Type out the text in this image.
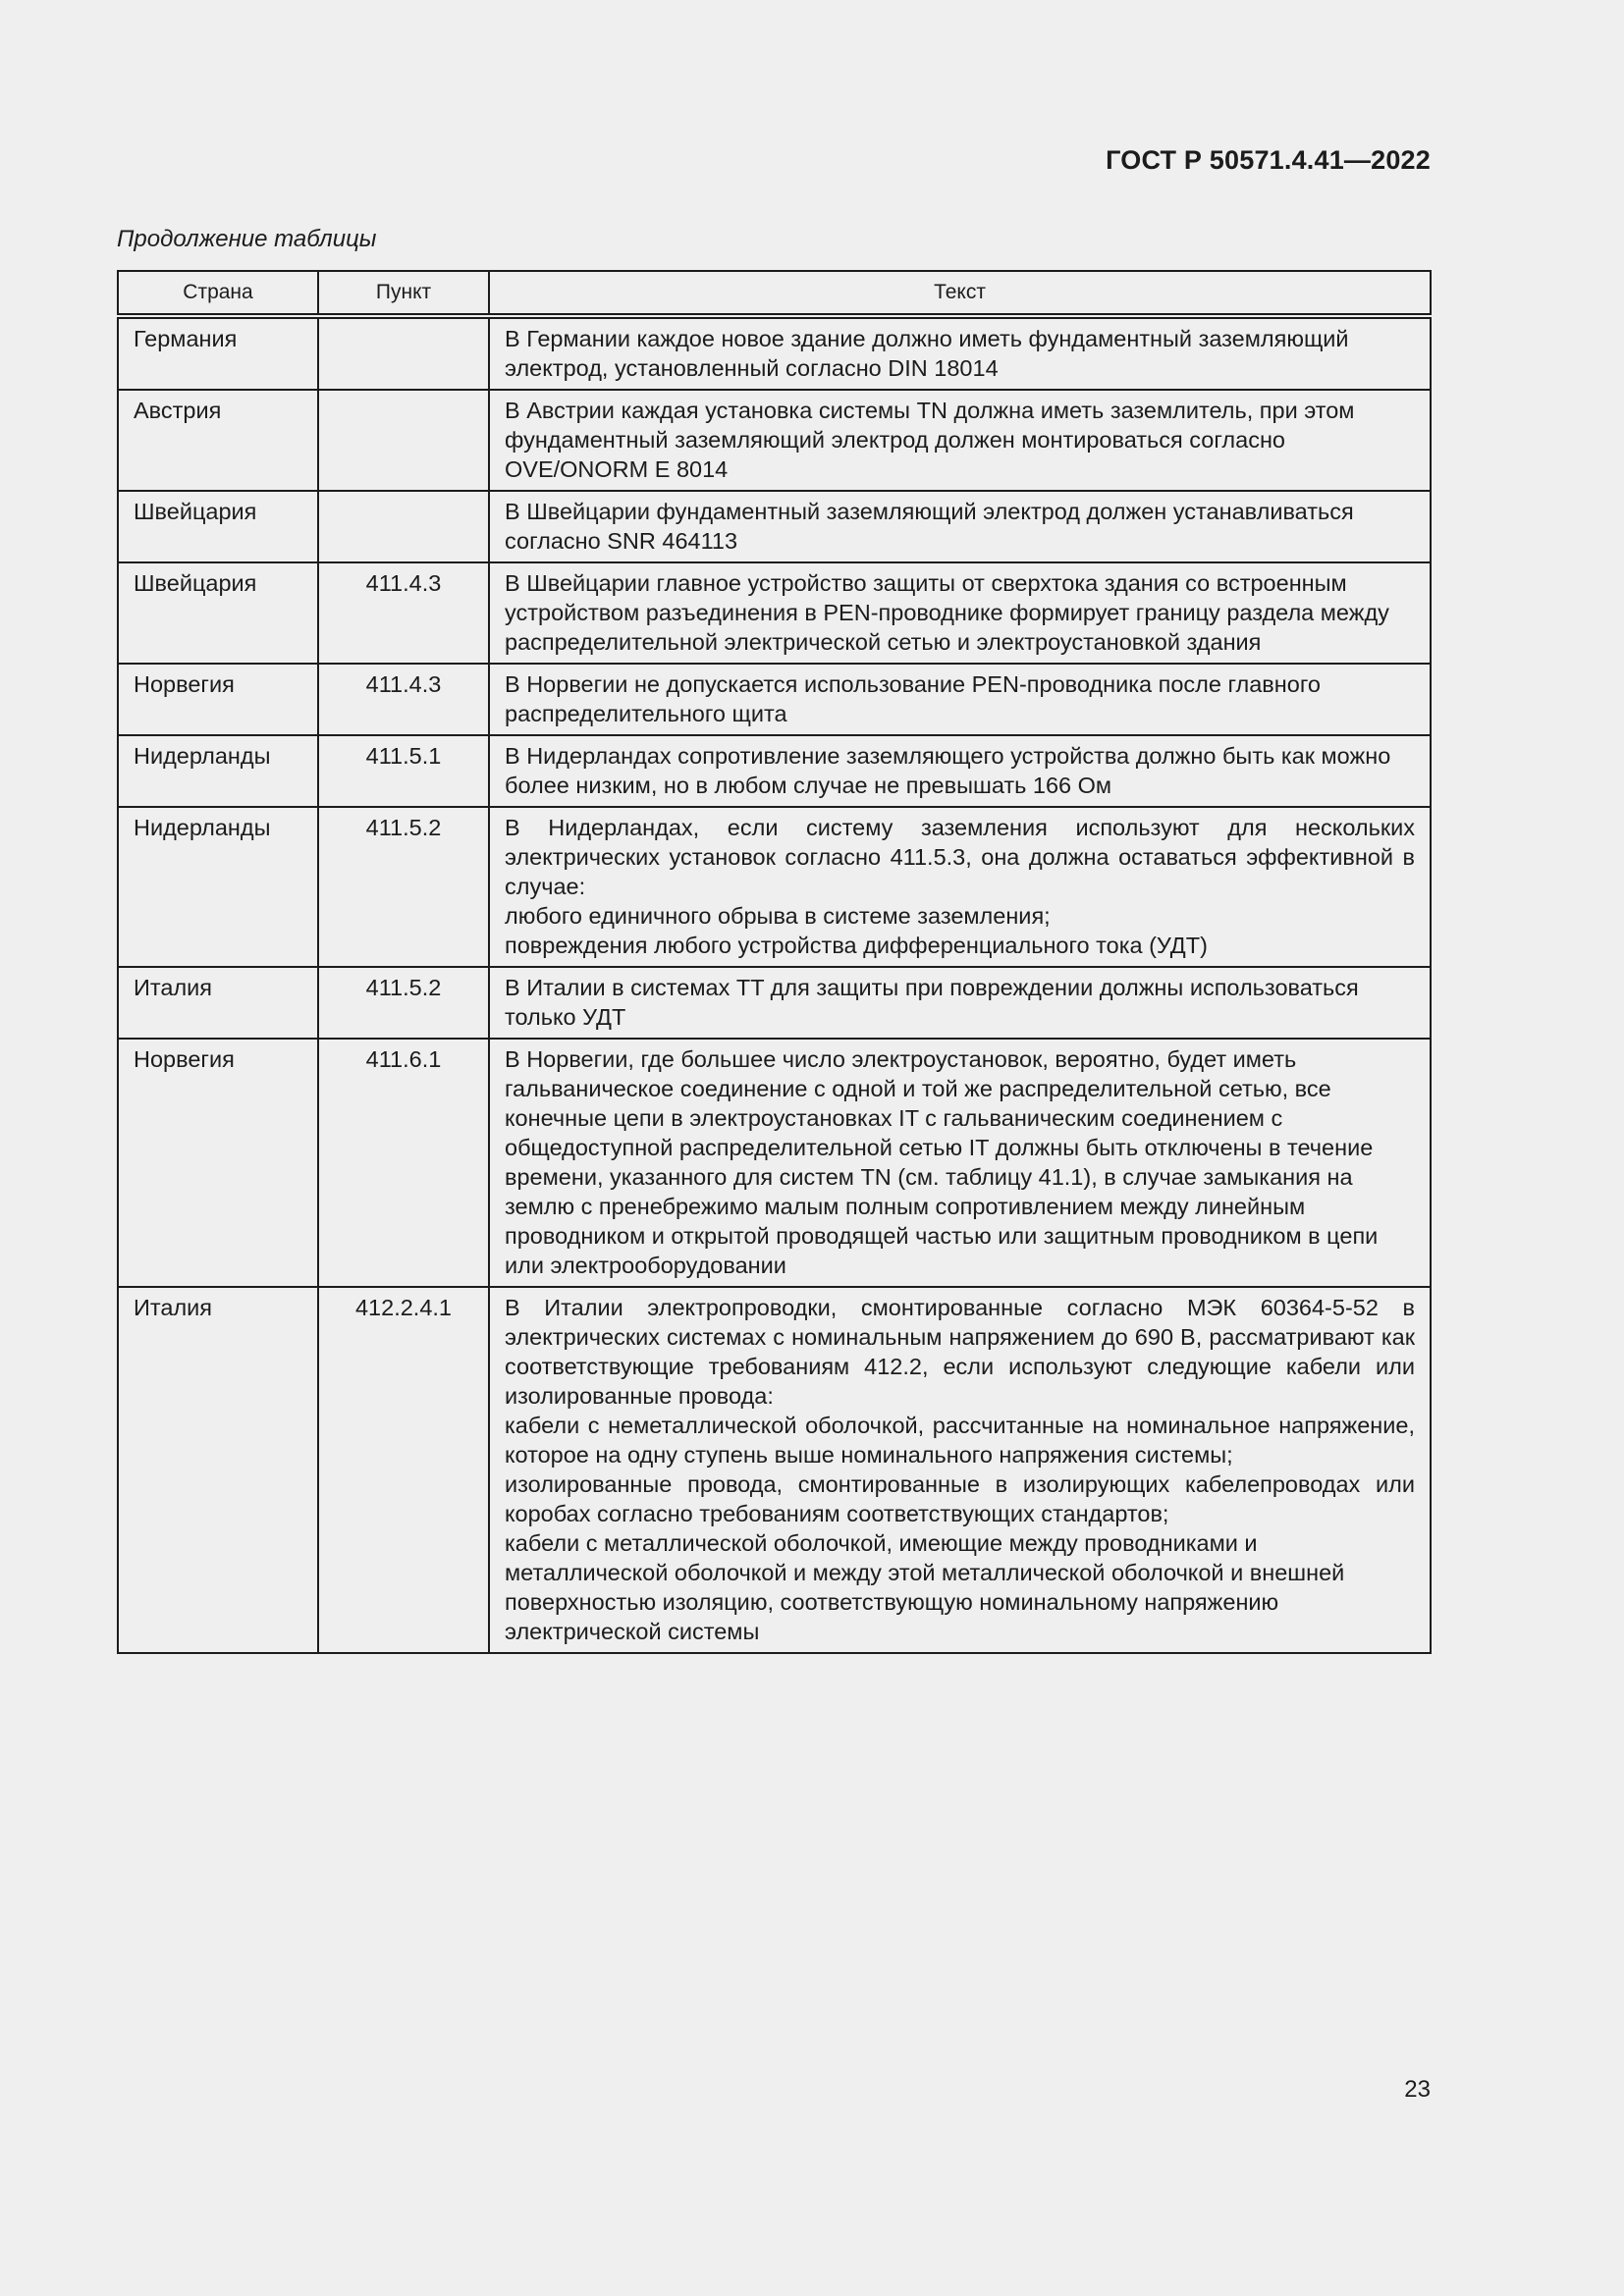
ГОСТ Р 50571.4.41—2022
Продолжение таблицы
Страна	Пункт	Текст
Германия		В Германии каждое новое здание должно иметь фундаментный заземляющий электрод, установленный согласно DIN 18014

Австрия		В Австрии каждая установка системы TN должна иметь заземлитель, при этом фундаментный заземляющий электрод должен монтироваться согласно OVE/ONORM E 8014

Швейцария		В Швейцарии фундаментный заземляющий электрод должен устанавливаться согласно SNR 464113

Швейцария	411.4.3	В Швейцарии главное устройство защиты от сверхтока здания со встроенным устройством разъединения в PEN-проводнике формирует границу раздела между распределительной электрической сетью и электроустановкой здания

Норвегия	411.4.3	В Норвегии не допускается использование PEN-проводника после главного распределительного щита

Нидерланды	411.5.1	В Нидерландах сопротивление заземляющего устройства должно быть как можно более низким, но в любом случае не превышать 166 Ом

Нидерланды	411.5.2	В Нидерландах, если систему заземления используют для нескольких электрических установок согласно 411.5.3, она должна оставаться эффективной в случае:
любого единичного обрыва в системе заземления;
повреждения любого устройства дифференциального тока (УДТ)

Италия	411.5.2	В Италии в системах TT для защиты при повреждении должны использоваться только УДТ

Норвегия	411.6.1	В Норвегии, где большее число электроустановок, вероятно, будет иметь гальваническое соединение с одной и той же распределительной сетью, все конечные цепи в электроустановках IT с гальваническим соединением с общедоступной распределительной сетью IT должны быть отключены в течение времени, указанного для систем TN (см. таблицу 41.1), в случае замыкания на землю с пренебрежимо малым полным сопротивлением между линейным проводником и открытой проводящей частью или защитным проводником в цепи или электрооборудовании

Италия	412.2.4.1	В Италии электропроводки, смонтированные согласно МЭК 60364-5-52 в электрических системах с номинальным напряжением до 690 В, рассматривают как соответствующие требованиям 412.2, если используют следующие кабели или изолированные провода:
кабели с неметаллической оболочкой, рассчитанные на номинальное напряжение, которое на одну ступень выше номинального напряжения системы;
изолированные провода, смонтированные в изолирующих кабелепроводах или коробах согласно требованиям соответствующих стандартов;
кабели с металлической оболочкой, имеющие между проводниками и металлической оболочкой и между этой металлической оболочкой и внешней поверхностью изоляцию, соответствующую номинальному напряжению электрической системы
23
